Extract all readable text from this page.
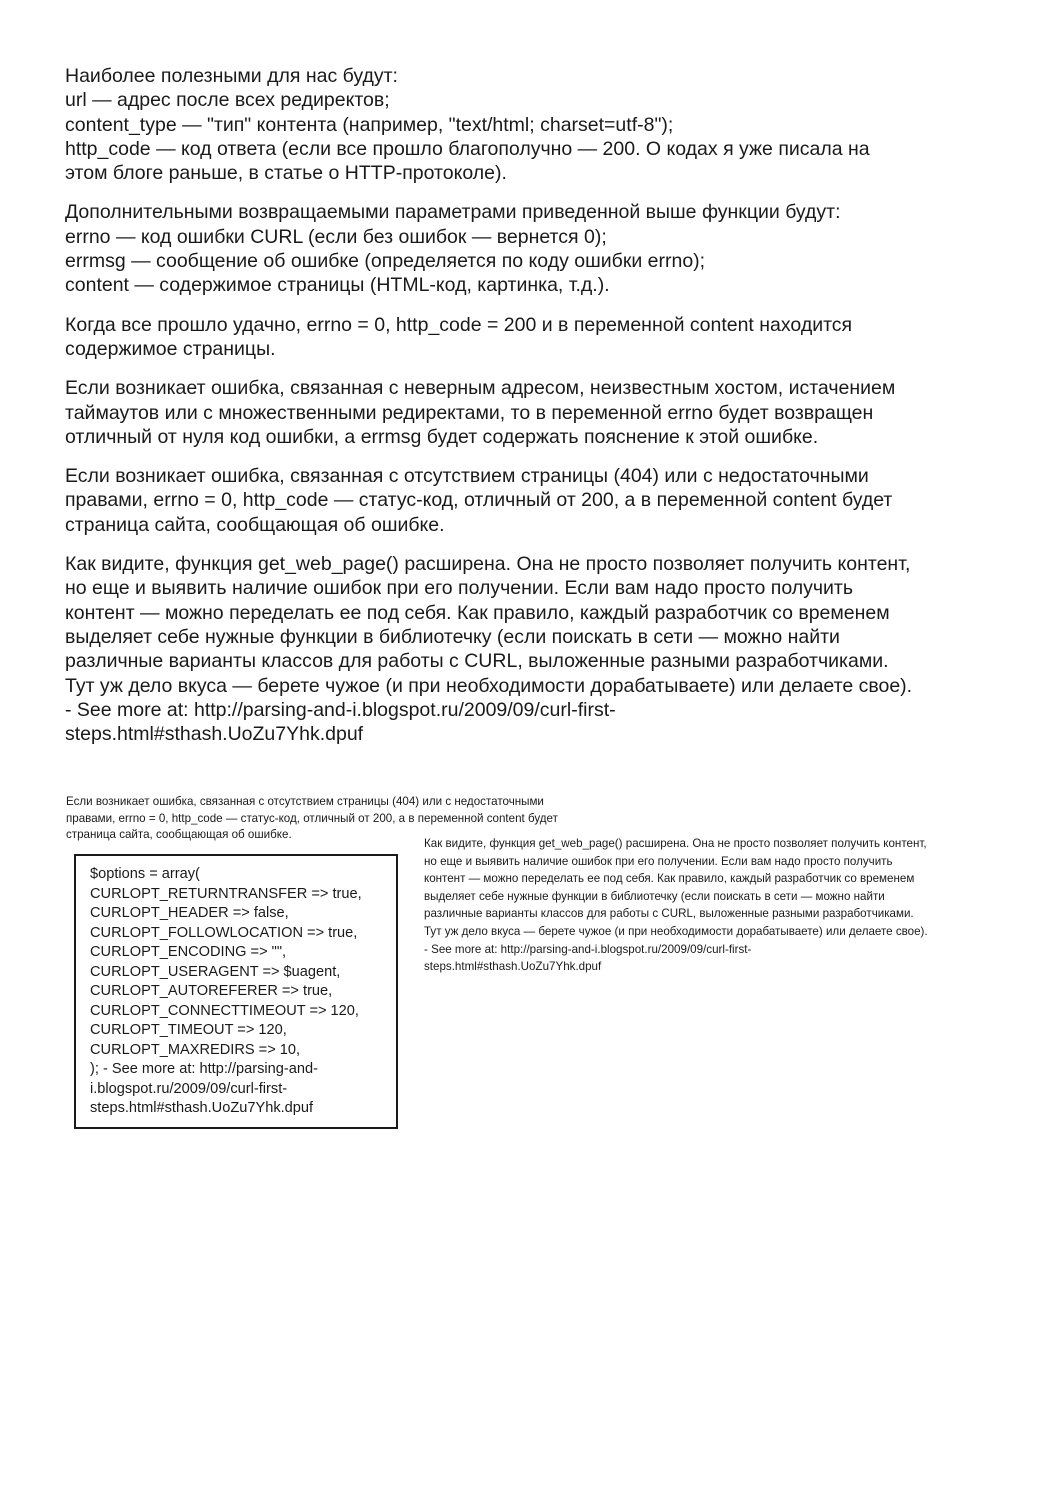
Наиболее полезными для нас будут:
url — адрес после всех редиректов;
content_type — "тип" контента (например, "text/html; charset=utf-8");
http_code — код ответа (если все прошло благополучно — 200. О кодах я уже писала на
этом блоге раньше, в статье о HTTP-протоколе).

Дополнительными возвращаемыми параметрами приведенной выше функции будут:
errno — код ошибки CURL (если без ошибок — вернется 0);
errmsg — сообщение об ошибке (определяется по коду ошибки errno);
content — содержимое страницы (HTML-код, картинка, т.д.).

Когда все прошло удачно, errno = 0, http_code = 200 и в переменной content находится
содержимое страницы.

Если возникает ошибка, связанная с неверным адресом, неизвестным хостом, истачением
таймаутов или с множественными редиректами, то в переменной errno будет возвращен
отличный от нуля код ошибки, а errmsg будет содержать пояснение к этой ошибке.

Если возникает ошибка, связанная с отсутствием страницы (404) или с недостаточными
правами, errno = 0, http_code — статус-код, отличный от 200, а в переменной content будет
страница сайта, сообщающая об ошибке.

Как видите, функция get_web_page() расширена. Она не просто позволяет получить контент,
но еще и выявить наличие ошибок при его получении. Если вам надо просто получить
контент — можно переделать ее под себя. Как правило, каждый разработчик со временем
выделяет себе нужные функции в библиотечку (если поискать в сети — можно найти
различные варианты классов для работы с CURL, выложенные разными разработчиками.
Тут уж дело вкуса — берете чужое (и при необходимости дорабатываете) или делаете свое).
- See more at: http://parsing-and-i.blogspot.ru/2009/09/curl-first-
steps.html#sthash.UoZu7Yhk.dpuf

Если возникает ошибка, связанная с отсутствием страницы (404) или с недостаточными
правами, errno = 0, http_code — статус-код, отличный от 200, а в переменной content будет
страница сайта, сообщающая об ошибке.
$options = array(
CURLOPT_RETURNTRANSFER => true,
CURLOPT_HEADER => false,
CURLOPT_FOLLOWLOCATION => true,
CURLOPT_ENCODING => "",
CURLOPT_USERAGENT => $uagent,
CURLOPT_AUTOREFERER => true,
CURLOPT_CONNECTTIMEOUT => 120,
CURLOPT_TIMEOUT => 120,
CURLOPT_MAXREDIRS => 10,
); - See more at: http://parsing-and-
i.blogspot.ru/2009/09/curl-first-
steps.html#sthash.UoZu7Yhk.dpuf
Как видите, функция get_web_page() расширена. Она не просто позволяет получить контент,
но еще и выявить наличие ошибок при его получении. Если вам надо просто получить
контент — можно переделать ее под себя. Как правило, каждый разработчик со временем
выделяет себе нужные функции в библиотечку (если поискать в сети — можно найти
различные варианты классов для работы с CURL, выложенные разными разработчиками.
Тут уж дело вкуса — берете чужое (и при необходимости дорабатываете) или делаете свое).
- See more at: http://parsing-and-i.blogspot.ru/2009/09/curl-first-
steps.html#sthash.UoZu7Yhk.dpuf
